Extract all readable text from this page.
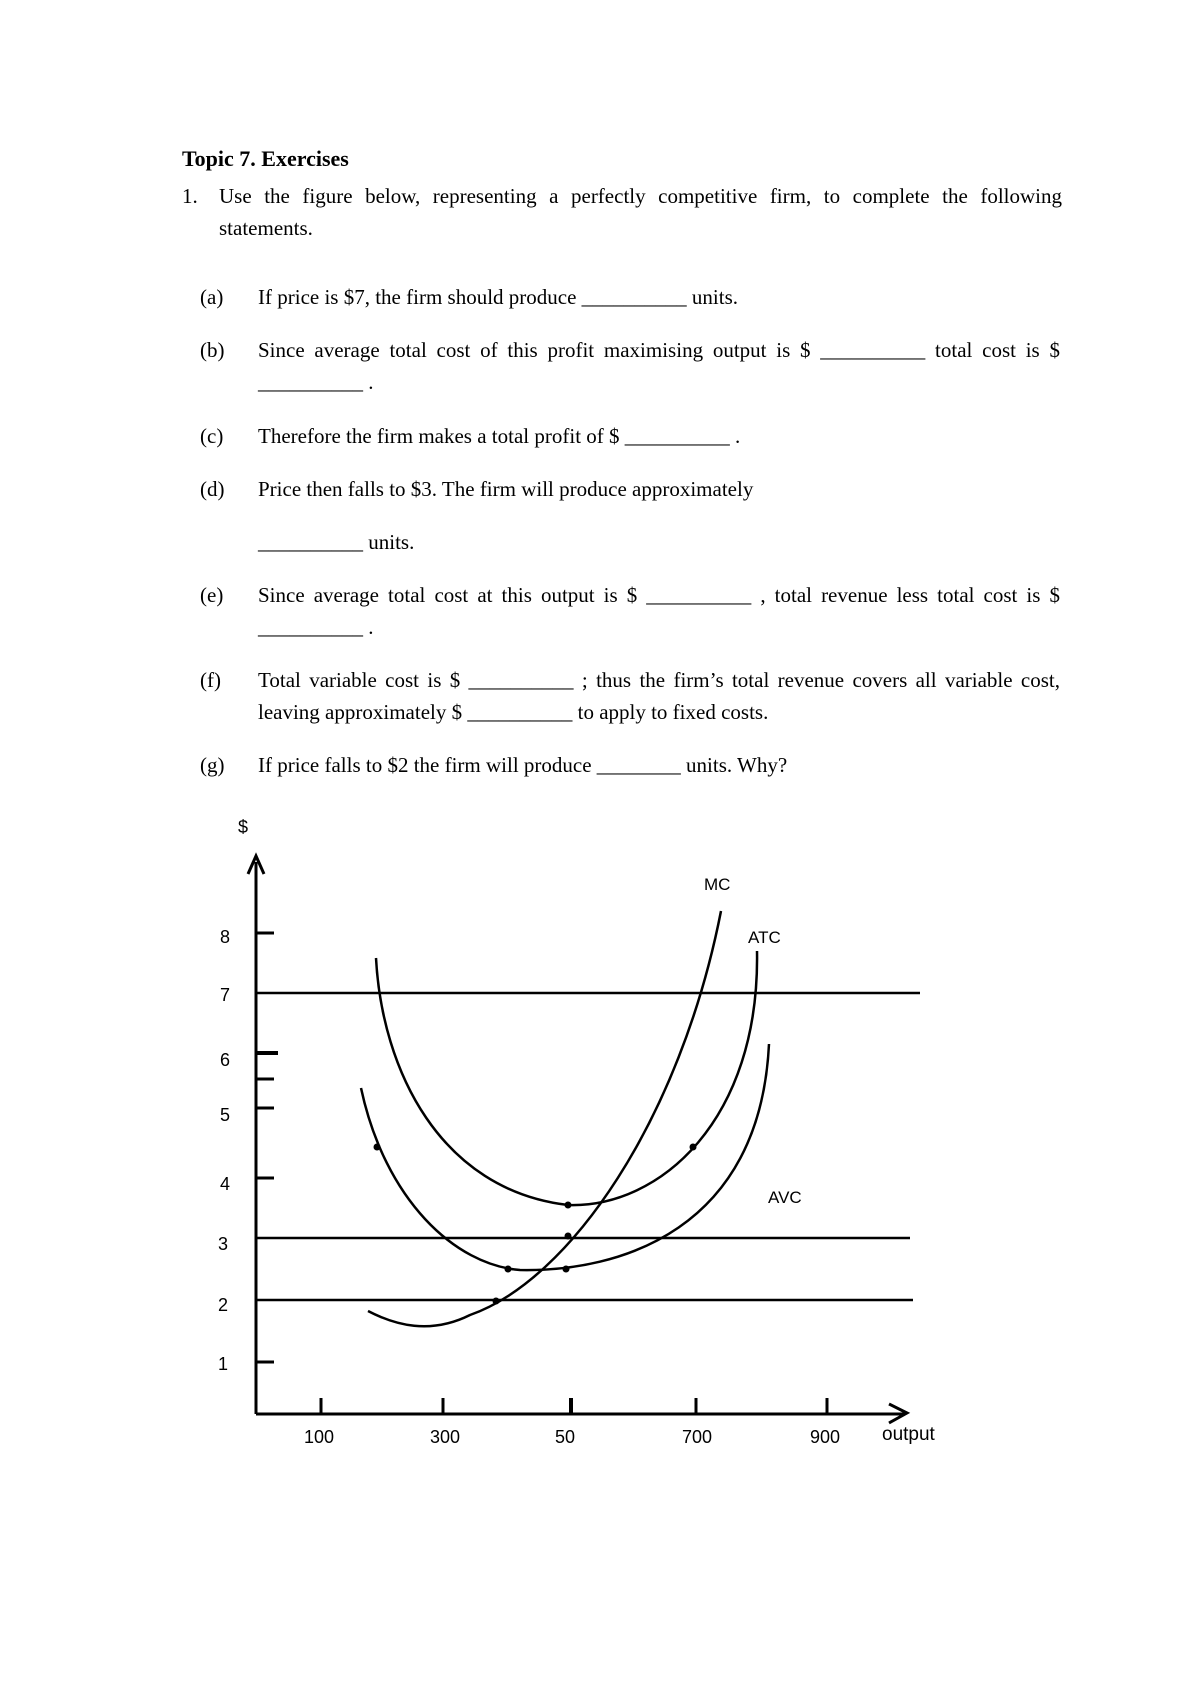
Topic 7. Exercises
1. Use the figure below, representing a perfectly competitive firm, to complete the following statements.
(a)	If price is $7, the firm should produce __________ units.
(b)	Since average total cost of this profit maximising output is $ __________ total cost is $ __________ .
(c)	Therefore the firm makes a total profit of $ __________ .
(d)	Price then falls to $3. The firm will produce approximately
__________ units.
(e)	Since average total cost at this output is $ __________ , total revenue less total cost is $ __________ .
(f)	Total variable cost is $ __________ ; thus the firm’s total revenue covers all variable cost, leaving approximately $ __________ to apply to fixed costs.
(g)	If price falls to $2 the firm will produce ________ units. Why?
$
output
1
2
3
4
5
6
7
8
100	300	50	700	900
MC
ATC
AVC
